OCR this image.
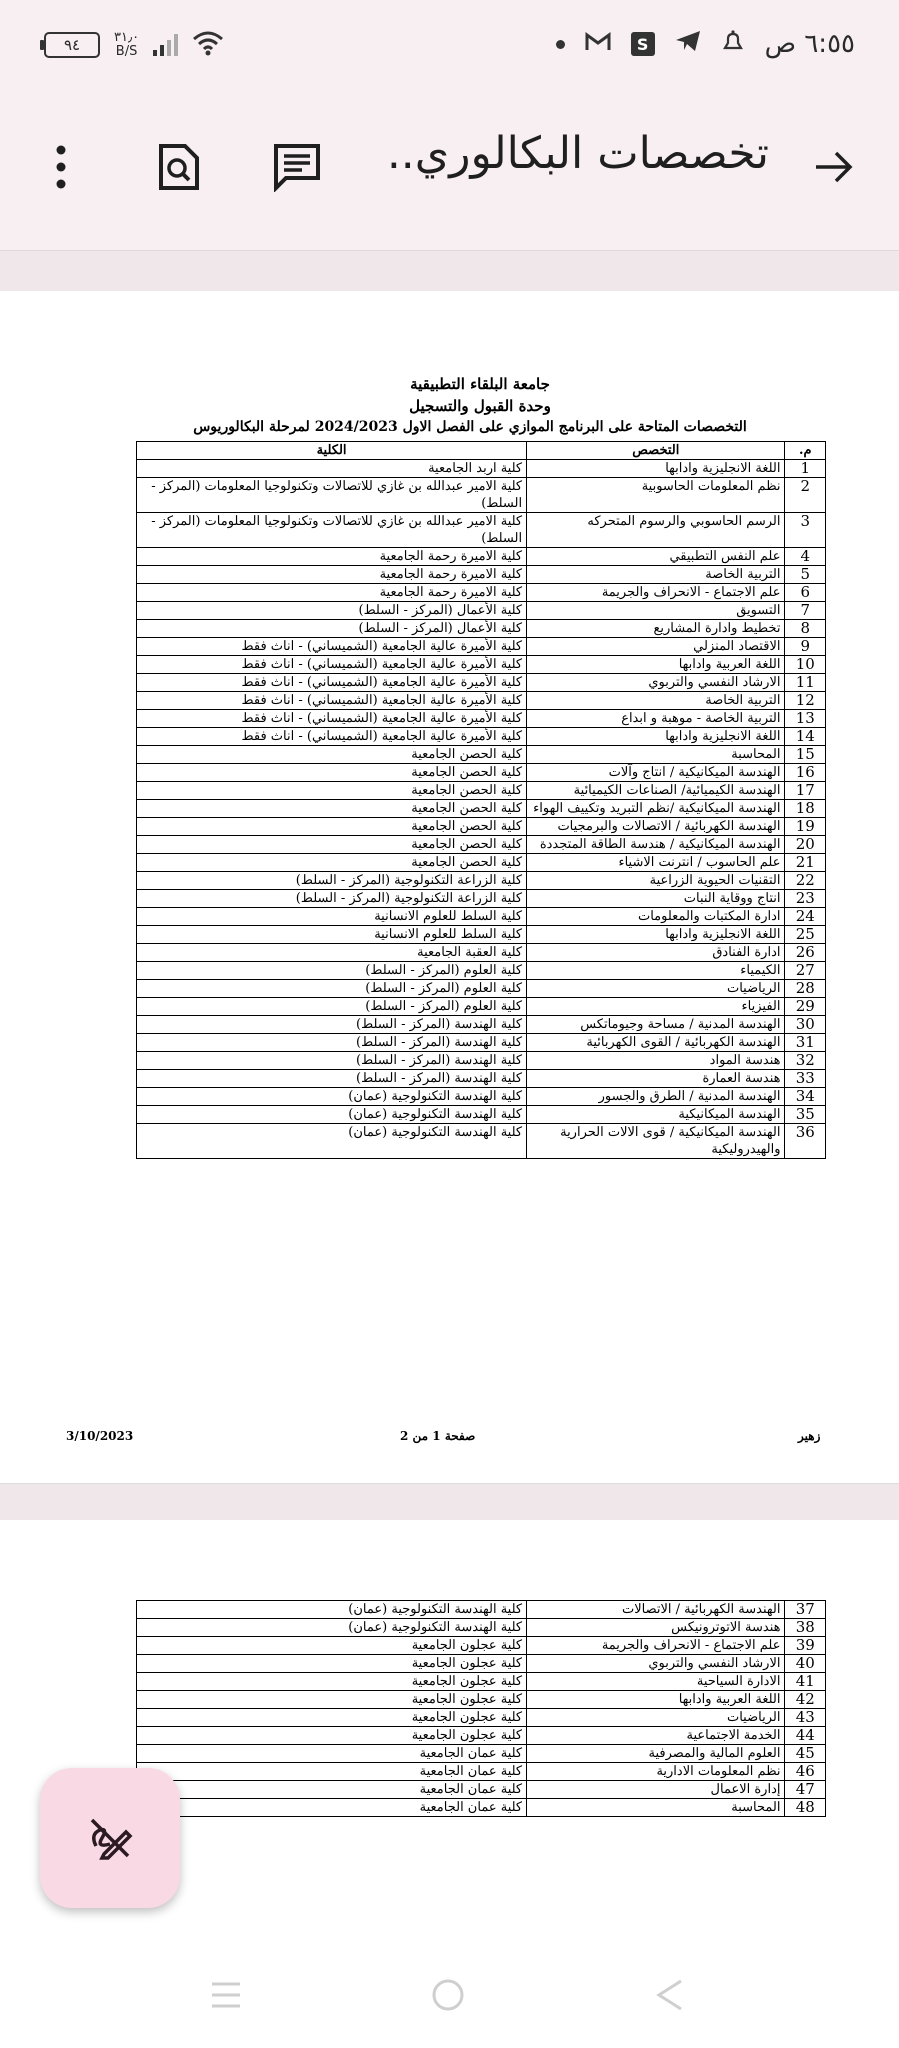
٩٤	٣١٫٠
B/S	S	٦:٥٥ ص
تخصصات البكالوري..
جامعة البلقاء التطبيقية
وحدة القبول والتسجيل
التخصصات المتاحة على البرنامج الموازي على الفصل الاول 2024/2023 لمرحلة البكالوريوس
م.	التخصص	الكلية
1	اللغة الانجليزية وادابها	كلية اربد الجامعية
2	نظم المعلومات الحاسوبية	كلية الامير عبدالله بن غازي للاتصالات وتكنولوجيا المعلومات (المركز - السلط)
3	الرسم الحاسوبي والرسوم المتحركه	كلية الامير عبدالله بن غازي للاتصالات وتكنولوجيا المعلومات (المركز - السلط)
4	علم النفس التطبيقي	كلية الاميرة رحمة الجامعية
5	التربية الخاصة	كلية الاميرة رحمة الجامعية
6	علم الاجتماع - الانحراف والجريمة	كلية الاميرة رحمة الجامعية
7	التسويق	كلية الأعمال (المركز - السلط)
8	تخطيط وادارة المشاريع	كلية الأعمال (المركز - السلط)
9	الاقتصاد المنزلي	كلية الأميرة عالية الجامعية (الشميساني) - اناث فقط
10	اللغة العربية وادابها	كلية الأميرة عالية الجامعية (الشميساني) - اناث فقط
11	الارشاد النفسي والتربوي	كلية الأميرة عالية الجامعية (الشميساني) - اناث فقط
12	التربية الخاصة	كلية الأميرة عالية الجامعية (الشميساني) - اناث فقط
13	التربية الخاصة - موهبة و ابداع	كلية الأميرة عالية الجامعية (الشميساني) - اناث فقط
14	اللغة الانجليزية وادابها	كلية الأميرة عالية الجامعية (الشميساني) - اناث فقط
15	المحاسبة	كلية الحصن الجامعية
16	الهندسة الميكانيكية / انتاج وآلات	كلية الحصن الجامعية
17	الهندسة الكيميائية/ الصناعات الكيميائية	كلية الحصن الجامعية
18	الهندسة الميكانيكية /نظم التبريد وتكييف الهواء	كلية الحصن الجامعية
19	الهندسة الكهربائية / الاتصالات والبرمجيات	كلية الحصن الجامعية
20	الهندسة الميكانيكية / هندسة الطاقة المتجددة	كلية الحصن الجامعية
21	علم الحاسوب / انترنت الاشياء	كلية الحصن الجامعية
22	التقنيات الحيوية الزراعية	كلية الزراعة التكنولوجية (المركز - السلط)
23	انتاج ووقاية النبات	كلية الزراعة التكنولوجية (المركز - السلط)
24	ادارة المكتبات والمعلومات	كلية السلط للعلوم الانسانية
25	اللغة الانجليزية وادابها	كلية السلط للعلوم الانسانية
26	ادارة الفنادق	كلية العقبة الجامعية
27	الكيمياء	كلية العلوم (المركز - السلط)
28	الرياضيات	كلية العلوم (المركز - السلط)
29	الفيزياء	كلية العلوم (المركز - السلط)
30	الهندسة المدنية / مساحة وجيوماتكس	كلية الهندسة (المركز - السلط)
31	الهندسة الكهربائية / القوى الكهربائية	كلية الهندسة (المركز - السلط)
32	هندسة المواد	كلية الهندسة (المركز - السلط)
33	هندسة العمارة	كلية الهندسة (المركز - السلط)
34	الهندسة المدنية / الطرق والجسور	كلية الهندسة التكنولوجية (عمان)
35	الهندسة الميكانيكية	كلية الهندسة التكنولوجية (عمان)
36	الهندسة الميكانيكية / قوى الالات الحرارية والهيدروليكية	كلية الهندسة التكنولوجية (عمان)
3/10/2023	صفحة 1 من 2	زهير
37	الهندسة الكهربائية / الاتصالات	كلية الهندسة التكنولوجية (عمان)
38	هندسة الاتوترونيكس	كلية الهندسة التكنولوجية (عمان)
39	علم الاجتماع - الانحراف والجريمة	كلية عجلون الجامعية
40	الارشاد النفسي والتربوي	كلية عجلون الجامعية
41	الادارة السياحية	كلية عجلون الجامعية
42	اللغة العربية وادابها	كلية عجلون الجامعية
43	الرياضيات	كلية عجلون الجامعية
44	الخدمة الاجتماعية	كلية عجلون الجامعية
45	العلوم المالية والمصرفية	كلية عمان الجامعية
46	نظم المعلومات الادارية	كلية عمان الجامعية
47	إدارة الاعمال	كلية عمان الجامعية
48	المحاسبة	كلية عمان الجامعية
